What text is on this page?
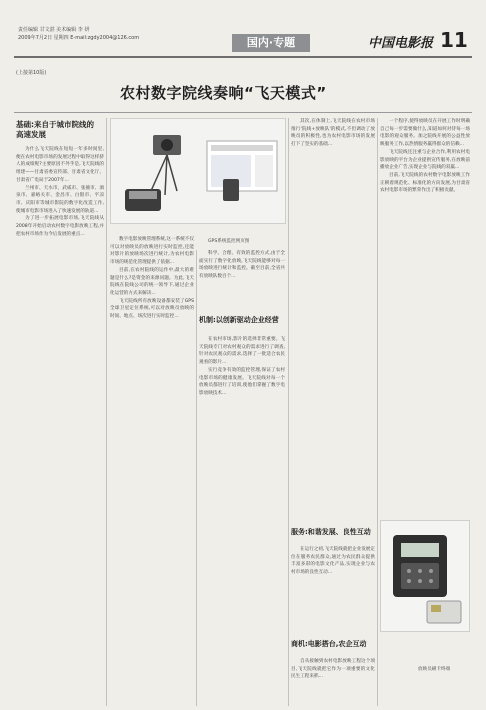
责任编辑 甘文湛 美术编辑 李 妍
2009年7月2日 星期四 E-mail:zgdy2004@126.com	国内·专题	中国电影报 11
(上接第10版)
农村数字院线奏响“飞天模式”
基础:来自于城市院线的高速发展

为什么飞天院线在短短一年多时间里,便在农村电影市场的发展过程中取得这样骄人的成绩呢?主要原因不外乎是,飞天院线的组建——甘肃省委宣传部、甘肃省文化厅、甘肃省广电局于2007年...

兰州市、天水市、武威市、张掖市、酒泉市、嘉峪关市、金昌市、白银市、平凉市、庆阳市等城市影院的数字化改造工作,使城市电影市场进入了快速发展的轨道...

为了进一步拓展电影市场,飞天院线从2008年开始启动农村数字电影放映工程,并把农村市场作为今后发展的重点...

GPS系统监控网页图

数字电影放映管理系统,这一系统不仅可以对放映员的放映进行实时监控,还能对影片的放映场次进行统计,为农村电影市场的规范化管理提供了依据...

目前,在农村院线的运作中,最大的难题是什么?是资金的来源问题。为此,飞天院线在院线公司的统一领导下,通过企业化运营的方式来解决...

飞天院线所有放映设备都安装了GPS全球卫星定位系统,可以对放映员放映的时间、地点、场次进行实时监控...	机制:以创新驱动企业经营

科学、合理、有效的监控方式,由于全面实行了数字化放映,飞天院线能够对每一场放映进行统计和监控。截至目前,全省共有放映队数百个...

在农村市场,影片的选择非常重要。飞天院线专门对农村观众的需求进行了调查,针对农民观众的需求,选择了一批适合农民观看的影片...

实行竞争有效的监控管理,保证了农村电影市场的健康发展。飞天院线对每一个放映员都进行了培训,使他们掌握了数字电影放映技术...

其次,在体制上,飞天院线在农村市场推行'院线+放映队'的模式,不但调动了放映员的积极性,也为农村电影市场的发展打下了坚实的基础...

服务:和谐发展、良性互动

在运行之初,飞天院线就把企业发展定位在服务农民群众,通过为农民群众提供丰富多彩的电影文化产品,实现企业与农村市场的良性互动...

商机:电影搭台,农企互动

自从接触到农村电影放映工程这个项目,飞天院线就把它作为一项重要的文化民生工程来抓...

一个程序,使得放映员在开展工作时明确自己每一步需要做什么,知道如何对待每一场电影的观众服务。加之院线开展的公益性放映服务工作,以热情服务赢得群众的信赖...

飞天院线还注重与企业合作,利用农村电影放映的平台为企业提供宣传服务,在放映前播放企业广告,实现企业与院线的双赢...

目前,飞天院线的农村数字电影放映工作正朝着规范化、标准化的方向发展,为甘肃省农村电影市场的繁荣作出了积极贡献。

放映员刷卡终端
